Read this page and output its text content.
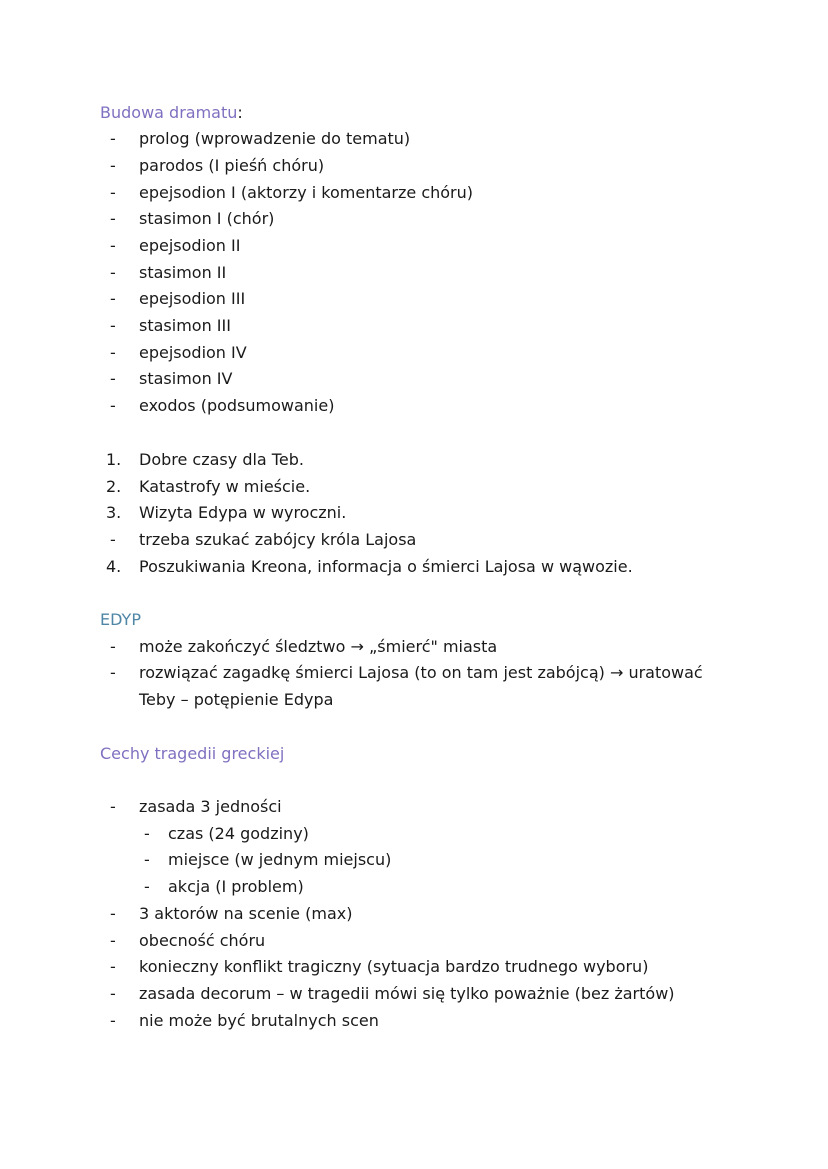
Budowa dramatu:
- prolog (wprowadzenie do tematu)
- parodos (I pieśń chóru)
- epejsodion I (aktorzy i komentarze chóru)
- stasimon I (chór)
- epejsodion II
- stasimon II
- epejsodion III
- stasimon III
- epejsodion IV
- stasimon IV
- exodos (podsumowanie)
1. Dobre czasy dla Teb.
2. Katastrofy w mieście.
3. Wizyta Edypa w wyroczni.
- trzeba szukać zabójcy króla Lajosa
4. Poszukiwania Kreona, informacja o śmierci Lajosa w wąwozie.
EDYP
- może zakończyć śledztwo → „śmierć" miasta
- rozwiązać zagadkę śmierci Lajosa (to on tam jest zabójcą) → uratować
Teby – potępienie Edypa
Cechy tragedii greckiej
- zasada 3 jedności
- czas (24 godziny)
- miejsce (w jednym miejscu)
- akcja (I problem)
- 3 aktorów na scenie (max)
- obecność chóru
- konieczny konflikt tragiczny (sytuacja bardzo trudnego wyboru)
- zasada decorum – w tragedii mówi się tylko poważnie (bez żartów)
- nie może być brutalnych scen
